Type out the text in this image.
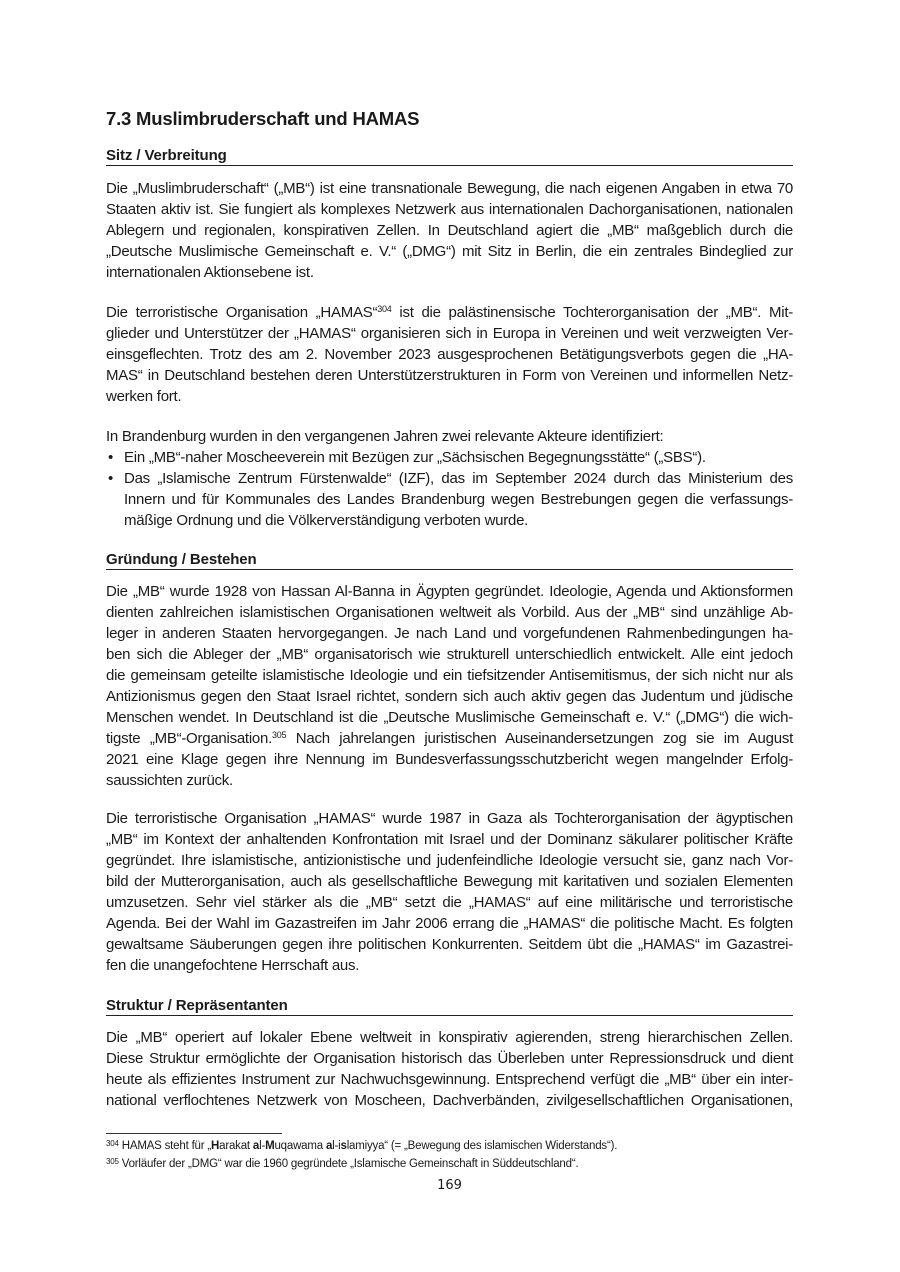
7.3 Muslimbruderschaft und HAMAS
Sitz / Verbreitung
Die „Muslimbruderschaft“ („MB“) ist eine transnationale Bewegung, die nach eigenen Angaben in etwa 70
Staaten aktiv ist. Sie fungiert als komplexes Netzwerk aus internationalen Dachorganisationen, nationalen
Ablegern und regionalen, konspirativen Zellen. In Deutschland agiert die „MB“ maßgeblich durch die
„Deutsche Muslimische Gemeinschaft e. V.“ („DMG“) mit Sitz in Berlin, die ein zentrales Bindeglied zur
internationalen Aktionsebene ist.
Die terroristische Organisation „HAMAS“$^{304}$ ist die palästinensische Tochterorganisation der „MB“. Mit-
glieder und Unterstützer der „HAMAS“ organisieren sich in Europa in Vereinen und weit verzweigten Ver-
einsgeflechten. Trotz des am 2. November 2023 ausgesprochenen Betätigungsverbots gegen die „HA-
MAS“ in Deutschland bestehen deren Unterstützerstrukturen in Form von Vereinen und informellen Netz-
werken fort.
In Brandenburg wurden in den vergangenen Jahren zwei relevante Akteure identifiziert:
• Ein „MB“-naher Moscheeverein mit Bezügen zur „Sächsischen Begegnungsstätte“ („SBS“).
• Das „Islamische Zentrum Fürstenwalde“ (IZF), das im September 2024 durch das Ministerium des
Innern und für Kommunales des Landes Brandenburg wegen Bestrebungen gegen die verfassungs-
mäßige Ordnung und die Völkerverständigung verboten wurde.
Gründung / Bestehen
Die „MB“ wurde 1928 von Hassan Al-Banna in Ägypten gegründet. Ideologie, Agenda und Aktionsformen
dienten zahlreichen islamistischen Organisationen weltweit als Vorbild. Aus der „MB“ sind unzählige Ab-
leger in anderen Staaten hervorgegangen. Je nach Land und vorgefundenen Rahmenbedingungen ha-
ben sich die Ableger der „MB“ organisatorisch wie strukturell unterschiedlich entwickelt. Alle eint jedoch
die gemeinsam geteilte islamistische Ideologie und ein tiefsitzender Antisemitismus, der sich nicht nur als
Antizionismus gegen den Staat Israel richtet, sondern sich auch aktiv gegen das Judentum und jüdische
Menschen wendet. In Deutschland ist die „Deutsche Muslimische Gemeinschaft e. V.“ („DMG“) die wich-
tigste „MB“-Organisation.$^{305}$ Nach jahrelangen juristischen Auseinandersetzungen zog sie im August
2021 eine Klage gegen ihre Nennung im Bundesverfassungsschutzbericht wegen mangelnder Erfolg-
saussichten zurück.
Die terroristische Organisation „HAMAS“ wurde 1987 in Gaza als Tochterorganisation der ägyptischen
„MB“ im Kontext der anhaltenden Konfrontation mit Israel und der Dominanz säkularer politischer Kräfte
gegründet. Ihre islamistische, antizionistische und judenfeindliche Ideologie versucht sie, ganz nach Vor-
bild der Mutterorganisation, auch als gesellschaftliche Bewegung mit karitativen und sozialen Elementen
umzusetzen. Sehr viel stärker als die „MB“ setzt die „HAMAS“ auf eine militärische und terroristische
Agenda. Bei der Wahl im Gazastreifen im Jahr 2006 errang die „HAMAS“ die politische Macht. Es folgten
gewaltsame Säuberungen gegen ihre politischen Konkurrenten. Seitdem übt die „HAMAS“ im Gazastrei-
fen die unangefochtene Herrschaft aus.
Struktur / Repräsentanten
Die „MB“ operiert auf lokaler Ebene weltweit in konspirativ agierenden, streng hierarchischen Zellen.
Diese Struktur ermöglichte der Organisation historisch das Überleben unter Repressionsdruck und dient
heute als effizientes Instrument zur Nachwuchsgewinnung. Entsprechend verfügt die „MB“ über ein inter-
national verflochtenes Netzwerk von Moscheen, Dachverbänden, zivilgesellschaftlichen Organisationen,
$^{304}$ HAMAS steht für „Harakat al-Muqawama al-islamiyya“ (= „Bewegung des islamischen Widerstands“).
$^{305}$ Vorläufer der „DMG“ war die 1960 gegründete „Islamische Gemeinschaft in Süddeutschland“.
169
